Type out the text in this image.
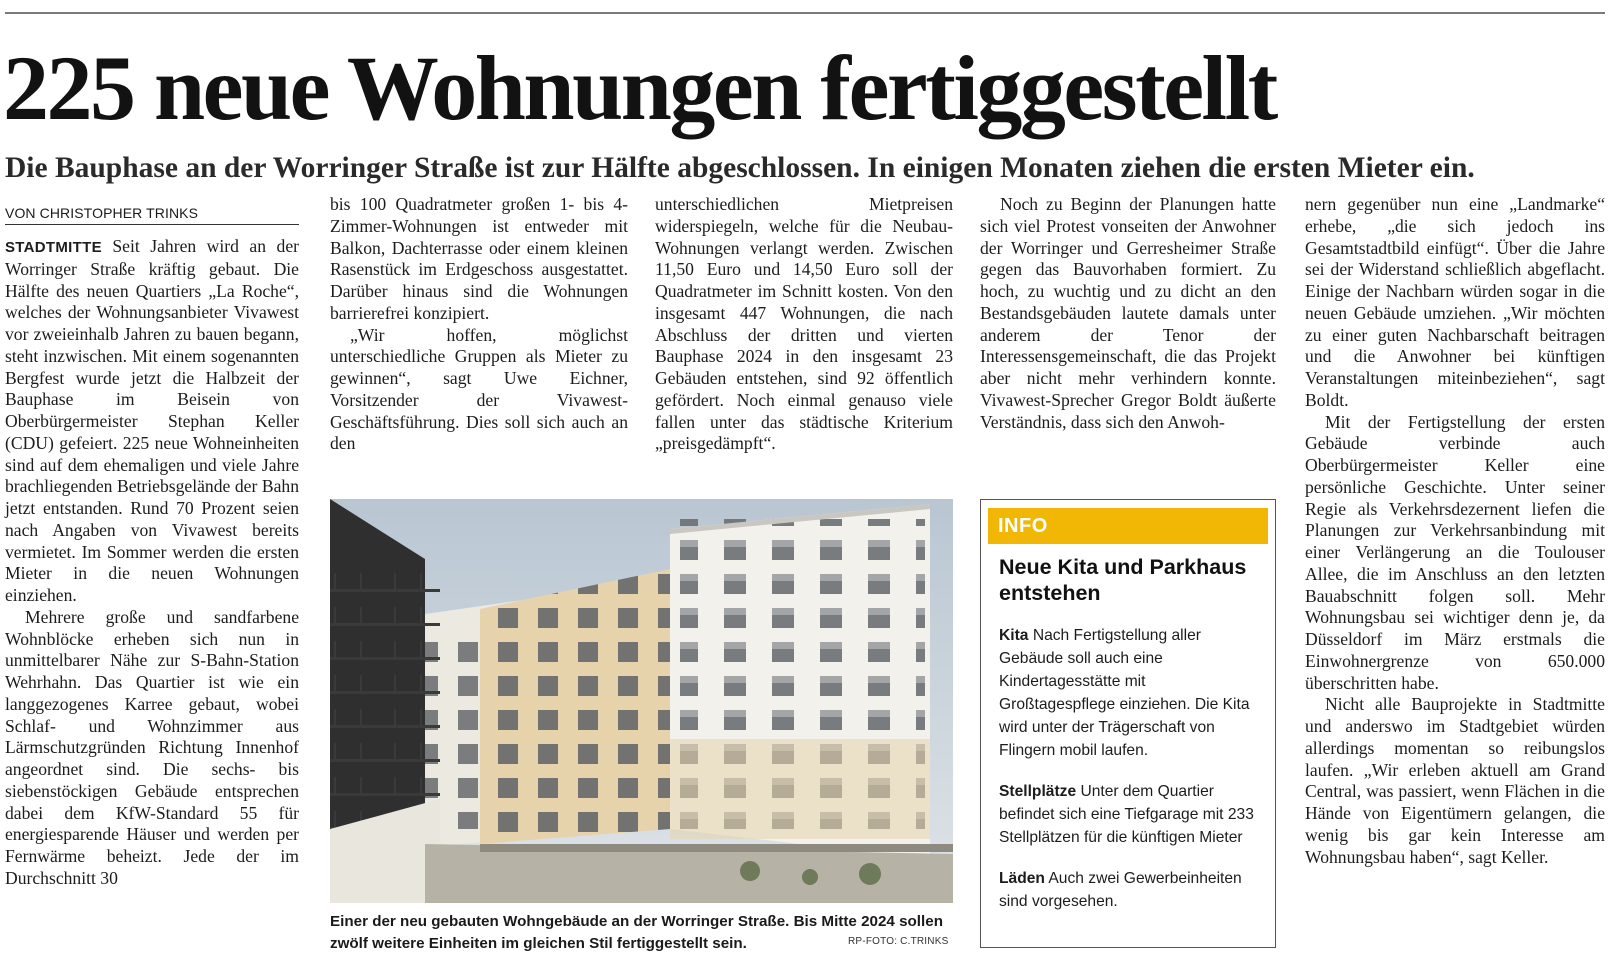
225 neue Wohnungen fertiggestellt
Die Bauphase an der Worringer Straße ist zur Hälfte abgeschlossen. In einigen Monaten ziehen die ersten Mieter ein.
VON CHRISTOPHER TRINKS

STADTMITTE Seit Jahren wird an der Worringer Straße kräftig gebaut. Die Hälfte des neuen Quartiers „La Roche“, welches der Wohnungsanbieter Vivawest vor zweieinhalb Jahren zu bauen begann, steht inzwischen. Mit einem sogenannten Bergfest wurde jetzt die Halbzeit der Bauphase im Beisein von Oberbürgermeister Stephan Keller (CDU) gefeiert. 225 neue Wohneinheiten sind auf dem ehemaligen und viele Jahre brachliegenden Betriebsgelände der Bahn jetzt entstanden. Rund 70 Prozent seien nach Angaben von Vivawest bereits vermietet. Im Sommer werden die ersten Mieter in die neuen Wohnungen einziehen.

Mehrere große und sandfarbene Wohnblöcke erheben sich nun in unmittelbarer Nähe zur S-Bahn-Station Wehrhahn. Das Quartier ist wie ein langgezogenes Karree gebaut, wobei Schlaf- und Wohnzimmer aus Lärmschutzgründen Richtung Innenhof angeordnet sind. Die sechs- bis siebenstöckigen Gebäude entsprechen dabei dem KfW-Standard 55 für energiesparende Häuser und werden per Fernwärme beheizt. Jede der im Durchschnitt 30

bis 100 Quadratmeter großen 1- bis 4-Zimmer-Wohnungen ist entweder mit Balkon, Dachterrasse oder einem kleinen Rasenstück im Erdgeschoss ausgestattet. Darüber hinaus sind die Wohnungen barrierefrei konzipiert.

„Wir hoffen, möglichst unterschiedliche Gruppen als Mieter zu gewinnen“, sagt Uwe Eichner, Vorsitzender der Vivawest-Geschäftsführung. Dies soll sich auch an den

unterschiedlichen Mietpreisen widerspiegeln, welche für die Neubau-Wohnungen verlangt werden. Zwischen 11,50 Euro und 14,50 Euro soll der Quadratmeter im Schnitt kosten. Von den insgesamt 447 Wohnungen, die nach Abschluss der dritten und vierten Bauphase 2024 in den insgesamt 23 Gebäuden entstehen, sind 92 öffentlich gefördert. Noch einmal genauso viele fallen unter das städtische Kriterium „preisgedämpft“.

Noch zu Beginn der Planungen hatte sich viel Protest vonseiten der Anwohner der Worringer und Gerresheimer Straße gegen das Bauvorhaben formiert. Zu hoch, zu wuchtig und zu dicht an den Bestandsgebäuden lautete damals unter anderem der Tenor der Interessensgemeinschaft, die das Projekt aber nicht mehr verhindern konnte. Vivawest-Sprecher Gregor Boldt äußerte Verständnis, dass sich den Anwoh-

nern gegenüber nun eine „Landmarke“ erhebe, „die sich jedoch ins Gesamtstadtbild einfügt“. Über die Jahre sei der Widerstand schließlich abgeflacht. Einige der Nachbarn würden sogar in die neuen Gebäude umziehen. „Wir möchten zu einer guten Nachbarschaft beitragen und die Anwohner bei künftigen Veranstaltungen miteinbeziehen“, sagt Boldt.

Mit der Fertigstellung der ersten Gebäude verbinde auch Oberbürgermeister Keller eine persönliche Geschichte. Unter seiner Regie als Verkehrsdezernent liefen die Planungen zur Verkehrsanbindung mit einer Verlängerung an die Toulouser Allee, die im Anschluss an den letzten Bauabschnitt folgen soll. Mehr Wohnungsbau sei wichtiger denn je, da Düsseldorf im März erstmals die Einwohnergrenze von 650.000 überschritten habe.

Nicht alle Bauprojekte in Stadtmitte und anderswo im Stadtgebiet würden allerdings momentan so reibungslos laufen. „Wir erleben aktuell am Grand Central, was passiert, wenn Flächen in die Hände von Eigentümern gelangen, die wenig bis gar kein Interesse am Wohnungsbau haben“, sagt Keller.

Einer der neu gebauten Wohngebäude an der Worringer Straße. Bis Mitte 2024 sollen zwölf weitere Einheiten im gleichen Stil fertiggestellt sein.	RP-FOTO: C.TRINKS
INFO
Neue Kita und Parkhaus entstehen
Kita Nach Fertigstellung aller Gebäude soll auch eine Kindertagesstätte mit Großtagespflege einziehen. Die Kita wird unter der Trägerschaft von Flingern mobil laufen.
Stellplätze Unter dem Quartier befindet sich eine Tiefgarage mit 233 Stellplätzen für die künftigen Mieter
Läden Auch zwei Gewerbeinheiten sind vorgesehen.
